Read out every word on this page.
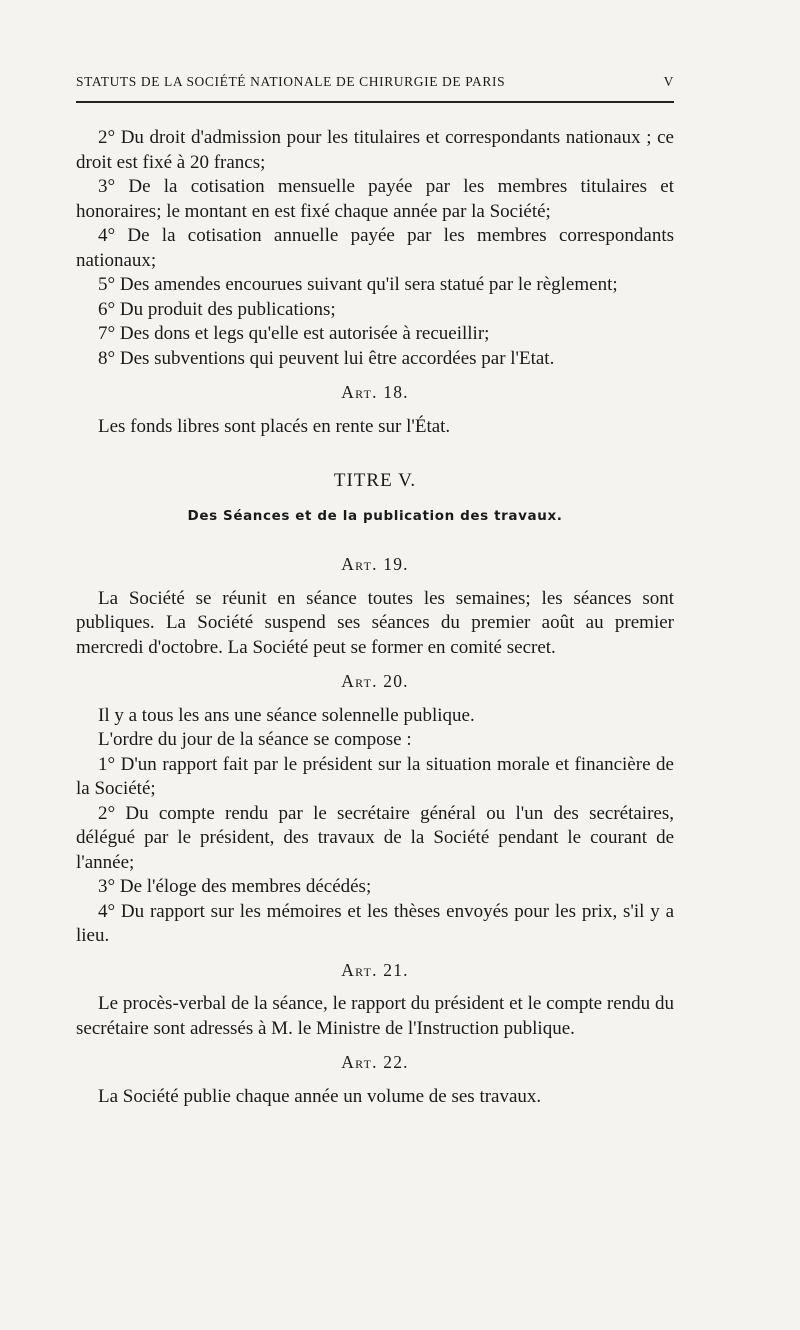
STATUTS DE LA SOCIÉTÉ NATIONALE DE CHIRURGIE DE PARIS	V

2° Du droit d'admission pour les titulaires et correspondants nationaux ; ce droit est fixé à 20 francs;

3° De la cotisation mensuelle payée par les membres titulaires et honoraires; le montant en est fixé chaque année par la Société;

4° De la cotisation annuelle payée par les membres correspondants nationaux;

5° Des amendes encourues suivant qu'il sera statué par le règlement;

6° Du produit des publications;

7° Des dons et legs qu'elle est autorisée à recueillir;

8° Des subventions qui peuvent lui être accordées par l'Etat.

Art. 18.

Les fonds libres sont placés en rente sur l'État.

TITRE V.
Des Séances et de la publication des travaux.
Art. 19.

La Société se réunit en séance toutes les semaines; les séances sont publiques. La Société suspend ses séances du premier août au premier mercredi d'octobre. La Société peut se former en comité secret.

Art. 20.

Il y a tous les ans une séance solennelle publique.

L'ordre du jour de la séance se compose :

1° D'un rapport fait par le président sur la situation morale et financière de la Société;

2° Du compte rendu par le secrétaire général ou l'un des secrétaires, délégué par le président, des travaux de la Société pendant le courant de l'année;

3° De l'éloge des membres décédés;

4° Du rapport sur les mémoires et les thèses envoyés pour les prix, s'il y a lieu.

Art. 21.

Le procès-verbal de la séance, le rapport du président et le compte rendu du secrétaire sont adressés à M. le Ministre de l'Instruction publique.

Art. 22.

La Société publie chaque année un volume de ses travaux.
